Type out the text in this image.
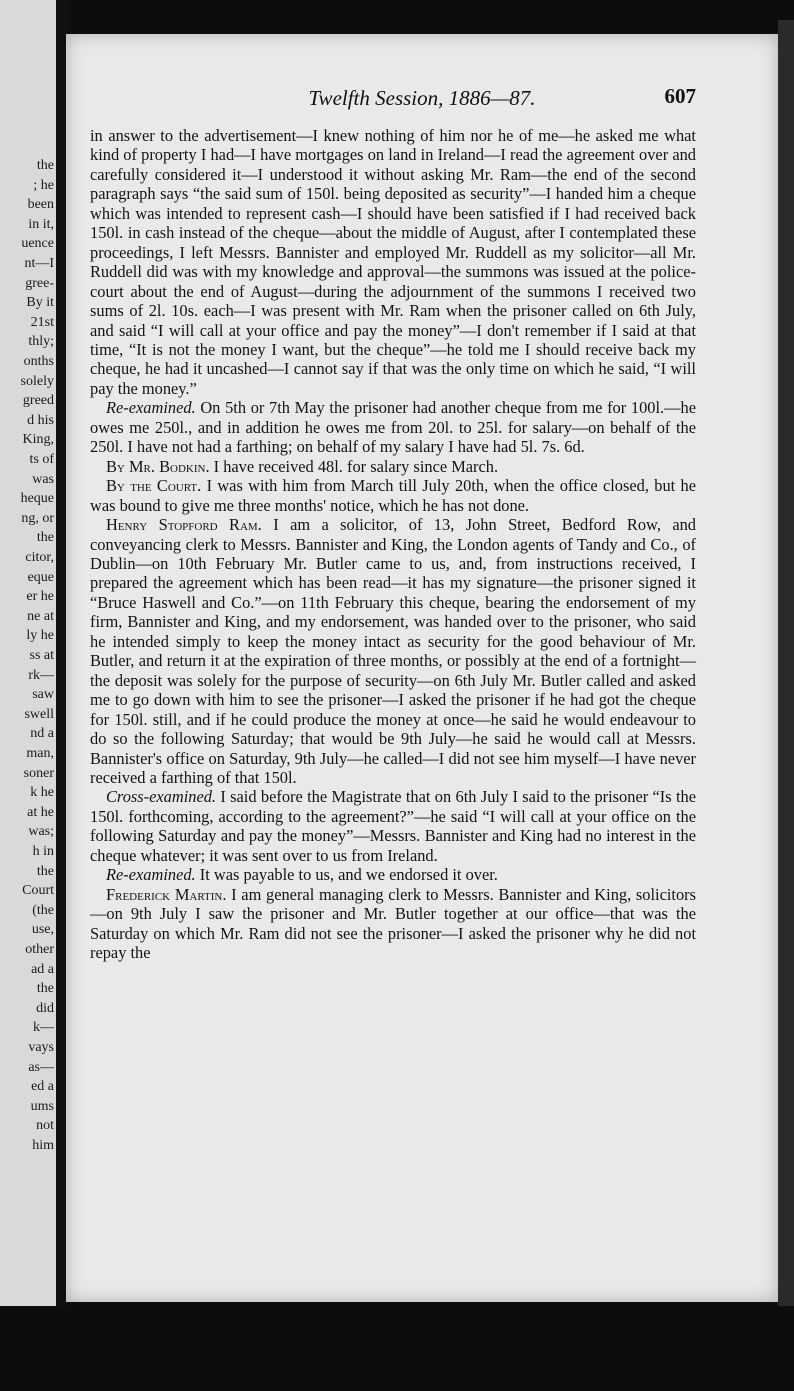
the
; he
been
in it,
uence
nt—I
gree-
By it
21st
thly;
onths
solely
greed
d his
King,
ts of
was
heque
ng, or
the
citor,
eque
er he
ne at
ly he
ss at
rk—
saw
swell
nd a
man,
soner
k he
at he
was;
h in
the
Court
(the
use,
other
ad a
the
did
k—
vays
as—
ed a
ums
not
him
Twelfth Session, 1886—87.	607

in answer to the advertisement—I knew nothing of him nor he of me—he asked me what kind of property I had—I have mortgages on land in Ireland—I read the agreement over and carefully considered it—I understood it without asking Mr. Ram—the end of the second paragraph says “the said sum of 150l. being deposited as security”—I handed him a cheque which was intended to represent cash—I should have been satisfied if I had received back 150l. in cash instead of the cheque—about the middle of August, after I contemplated these proceedings, I left Messrs. Bannister and employed Mr. Ruddell as my solicitor—all Mr. Ruddell did was with my knowledge and approval—the summons was issued at the police-court about the end of August—during the adjournment of the summons I received two sums of 2l. 10s. each—I was present with Mr. Ram when the prisoner called on 6th July, and said “I will call at your office and pay the money”—I don't remember if I said at that time, “It is not the money I want, but the cheque”—he told me I should receive back my cheque, he had it uncashed—I cannot say if that was the only time on which he said, “I will pay the money.”

Re-examined. On 5th or 7th May the prisoner had another cheque from me for 100l.—he owes me 250l., and in addition he owes me from 20l. to 25l. for salary—on behalf of the 250l. I have not had a farthing; on behalf of my salary I have had 5l. 7s. 6d.

By Mr. Bodkin. I have received 48l. for salary since March.

By the Court. I was with him from March till July 20th, when the office closed, but he was bound to give me three months' notice, which he has not done.

Henry Stopford Ram. I am a solicitor, of 13, John Street, Bedford Row, and conveyancing clerk to Messrs. Bannister and King, the London agents of Tandy and Co., of Dublin—on 10th February Mr. Butler came to us, and, from instructions received, I prepared the agreement which has been read—it has my signature—the prisoner signed it “Bruce Haswell and Co.”—on 11th February this cheque, bearing the endorsement of my firm, Bannister and King, and my endorsement, was handed over to the prisoner, who said he intended simply to keep the money intact as security for the good behaviour of Mr. Butler, and return it at the expiration of three months, or possibly at the end of a fortnight—the deposit was solely for the purpose of security—on 6th July Mr. Butler called and asked me to go down with him to see the prisoner—I asked the prisoner if he had got the cheque for 150l. still, and if he could produce the money at once—he said he would endeavour to do so the following Saturday; that would be 9th July—he said he would call at Messrs. Bannister's office on Saturday, 9th July—he called—I did not see him myself—I have never received a farthing of that 150l.

Cross-examined. I said before the Magistrate that on 6th July I said to the prisoner “Is the 150l. forthcoming, according to the agreement?”—he said “I will call at your office on the following Saturday and pay the money”—Messrs. Bannister and King had no interest in the cheque whatever; it was sent over to us from Ireland.

Re-examined. It was payable to us, and we endorsed it over.

Frederick Martin. I am general managing clerk to Messrs. Bannister and King, solicitors—on 9th July I saw the prisoner and Mr. Butler together at our office—that was the Saturday on which Mr. Ram did not see the prisoner—I asked the prisoner why he did not repay the
